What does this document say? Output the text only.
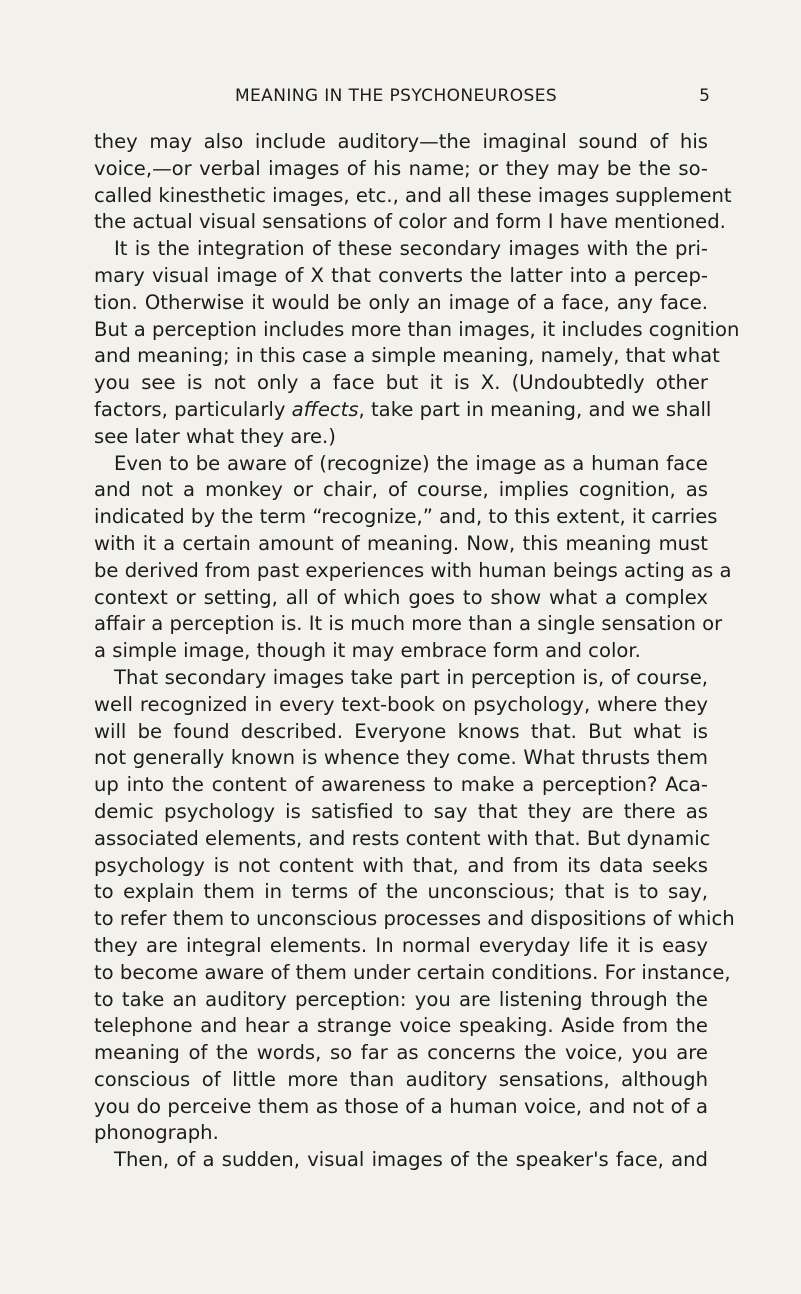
MEANING IN THE PSYCHONEUROSES	5

they may also include auditory—the imaginal sound of his
voice,—or verbal images of his name; or they may be the so-
called kinesthetic images, etc., and all these images supplement
the actual visual sensations of color and form I have mentioned.

It is the integration of these secondary images with the pri-
mary visual image of X that converts the latter into a percep-
tion. Otherwise it would be only an image of a face, any face.
But a perception includes more than images, it includes cognition
and meaning; in this case a simple meaning, namely, that what
you see is not only a face but it is X. (Undoubtedly other
factors, particularly affects, take part in meaning, and we shall
see later what they are.)

Even to be aware of (recognize) the image as a human face
and not a monkey or chair, of course, implies cognition, as
indicated by the term “recognize,” and, to this extent, it carries
with it a certain amount of meaning. Now, this meaning must
be derived from past experiences with human beings acting as a
context or setting, all of which goes to show what a complex
affair a perception is. It is much more than a single sensation or
a simple image, though it may embrace form and color.

That secondary images take part in perception is, of course,
well recognized in every text-book on psychology, where they
will be found described. Everyone knows that. But what is
not generally known is whence they come. What thrusts them
up into the content of awareness to make a perception? Aca-
demic psychology is satisfied to say that they are there as
associated elements, and rests content with that. But dynamic
psychology is not content with that, and from its data seeks
to explain them in terms of the unconscious; that is to say,
to refer them to unconscious processes and dispositions of which
they are integral elements. In normal everyday life it is easy
to become aware of them under certain conditions. For instance,
to take an auditory perception: you are listening through the
telephone and hear a strange voice speaking. Aside from the
meaning of the words, so far as concerns the voice, you are
conscious of little more than auditory sensations, although
you do perceive them as those of a human voice, and not of a
phonograph.

Then, of a sudden, visual images of the speaker's face, and
